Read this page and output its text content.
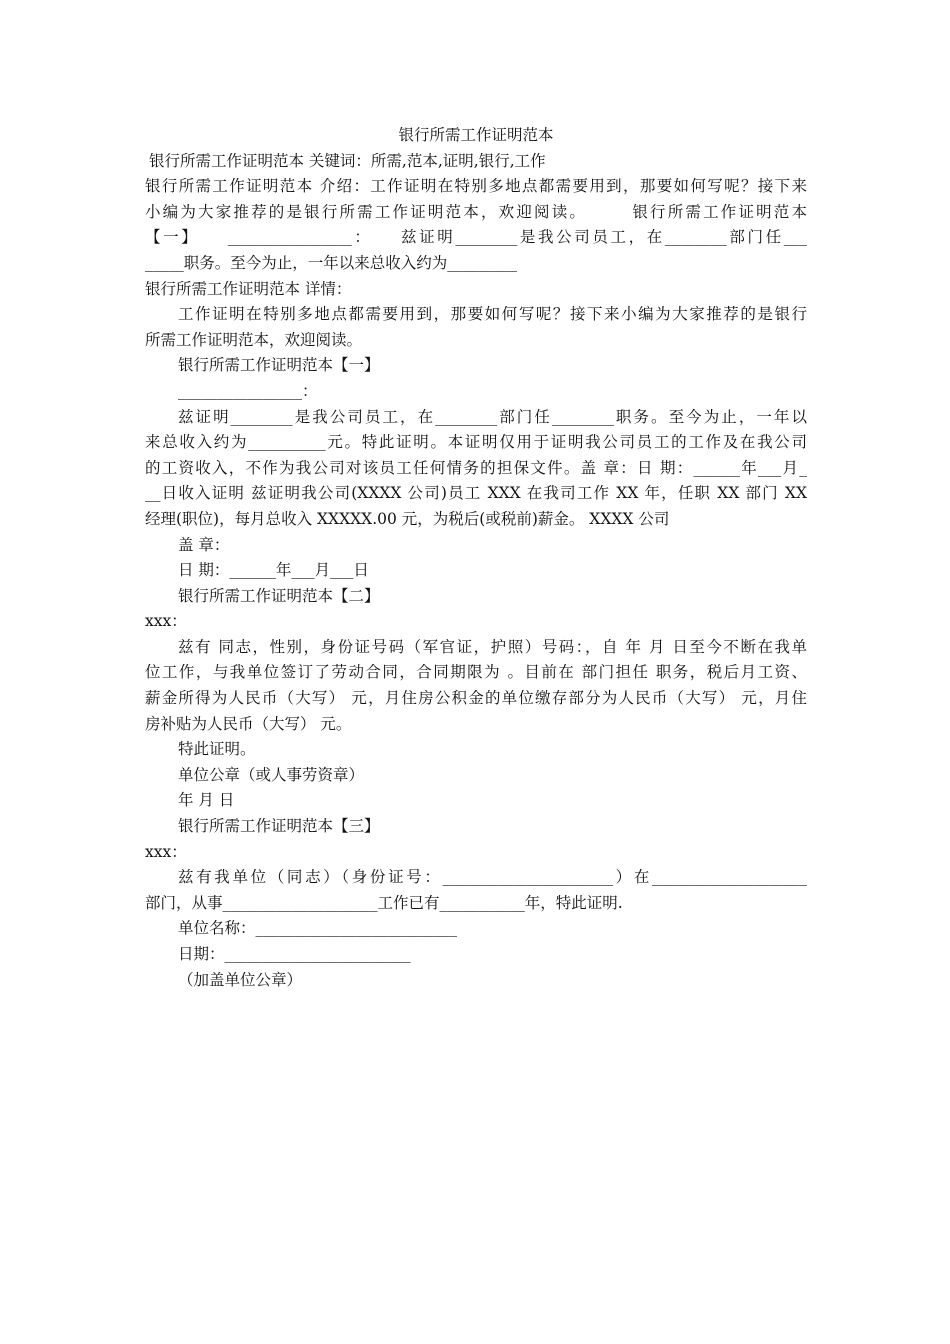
银行所需工作证明范本
银行所需工作证明范本 关键词：所需,范本,证明,银行,工作
银行所需工作证明范本 介绍：工作证明在特别多地点都需要用到，那要如何写呢？接下来
小编为大家推荐的是银行所需工作证明范本，欢迎阅读。　　　银行所需工作证明范本
【一】　　________________：　　兹证明________是我公司员工，在________部门任___
_____职务。至今为止，一年以来总收入约为_________
银行所需工作证明范本 详情：
工作证明在特别多地点都需要用到，那要如何写呢？接下来小编为大家推荐的是银行
所需工作证明范本，欢迎阅读。
银行所需工作证明范本【一】
________________：
兹证明________是我公司员工，在________部门任________职务。至今为止，一年以
来总收入约为__________元。特此证明。本证明仅用于证明我公司员工的工作及在我公司
的工资收入，不作为我公司对该员工任何情务的担保文件。盖 章：日 期：______年___月_
__日收入证明 兹证明我公司(XXXX 公司)员工 XXX 在我司工作 XX 年，任职 XX 部门 XX
经理(职位)，每月总收入 XXXXX.00 元，为税后(或税前)薪金。 XXXX 公司
盖 章：
日 期：______年___月___日
银行所需工作证明范本【二】
xxx：
兹有 同志，性别，身份证号码（军官证，护照）号码：，自 年 月 日至今不断在我单
位工作，与我单位签订了劳动合同，合同期限为 。目前在 部门担任 职务，税后月工资、
薪金所得为人民币（大写） 元，月住房公积金的单位缴存部分为人民币（大写） 元，月住
房补贴为人民币（大写） 元。
特此证明。
单位公章（或人事劳资章）
年 月 日
银行所需工作证明范本【三】
xxx：
兹有我单位（同志）（身份证号：______________________）在____________________
部门，从事____________________工作已有___________年，特此证明.
单位名称：__________________________
日期：________________________
（加盖单位公章）
